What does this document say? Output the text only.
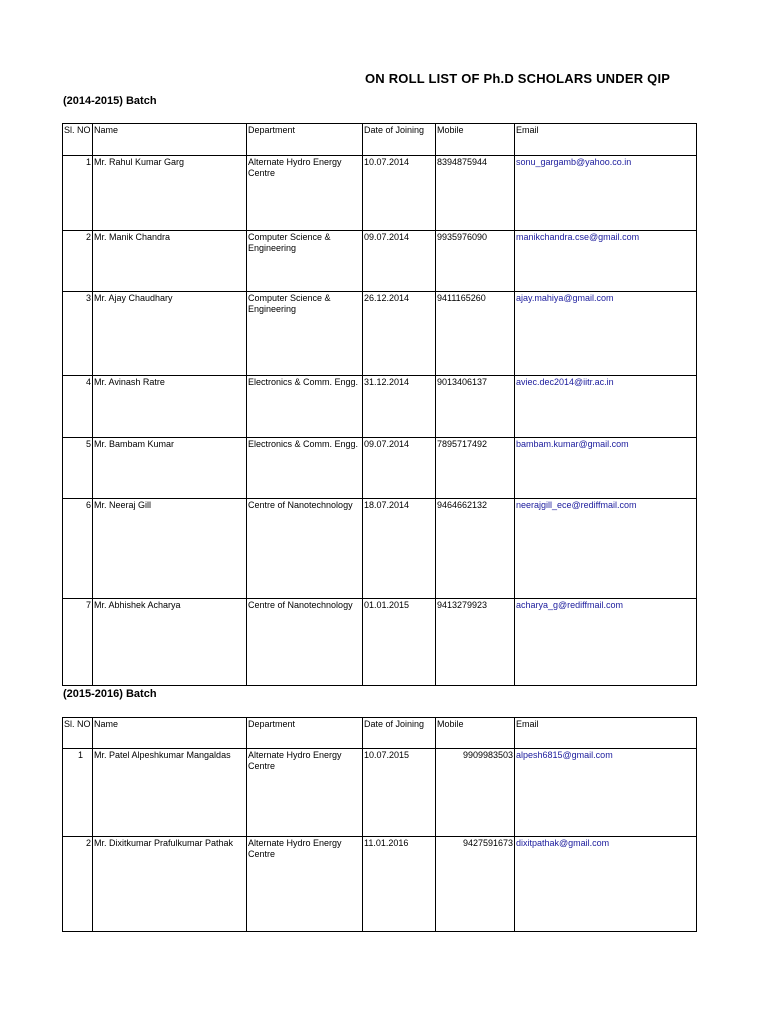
ON ROLL LIST OF Ph.D SCHOLARS UNDER QIP
(2014-2015) Batch
Sl. NO	Name	Department	Date of Joining	Mobile	Email
1	Mr. Rahul Kumar Garg	Alternate Hydro Energy Centre	10.07.2014	8394875944	sonu_gargamb@yahoo.co.in
2	Mr. Manik Chandra	Computer Science & Engineering	09.07.2014	9935976090	manikchandra.cse@gmail.com
3	Mr. Ajay Chaudhary	Computer Science & Engineering	26.12.2014	9411165260	ajay.mahiya@gmail.com
4	Mr. Avinash Ratre	Electronics & Comm. Engg.	31.12.2014	9013406137	aviec.dec2014@iitr.ac.in
5	Mr. Bambam Kumar	Electronics & Comm. Engg.	09.07.2014	7895717492	bambam.kumar@gmail.com
6	Mr. Neeraj Gill	Centre of Nanotechnology	18.07.2014	9464662132	neerajgill_ece@rediffmail.com
7	Mr. Abhishek Acharya	Centre of Nanotechnology	01.01.2015	9413279923	acharya_g@rediffmail.com
(2015-2016) Batch
Sl. NO	Name	Department	Date of Joining	Mobile	Email
1	Mr. Patel Alpeshkumar Mangaldas	Alternate Hydro Energy Centre	10.07.2015	9909983503	alpesh6815@gmail.com
2	Mr. Dixitkumar Prafulkumar Pathak	Alternate Hydro Energy Centre	11.01.2016	9427591673	dixitpathak@gmail.com
